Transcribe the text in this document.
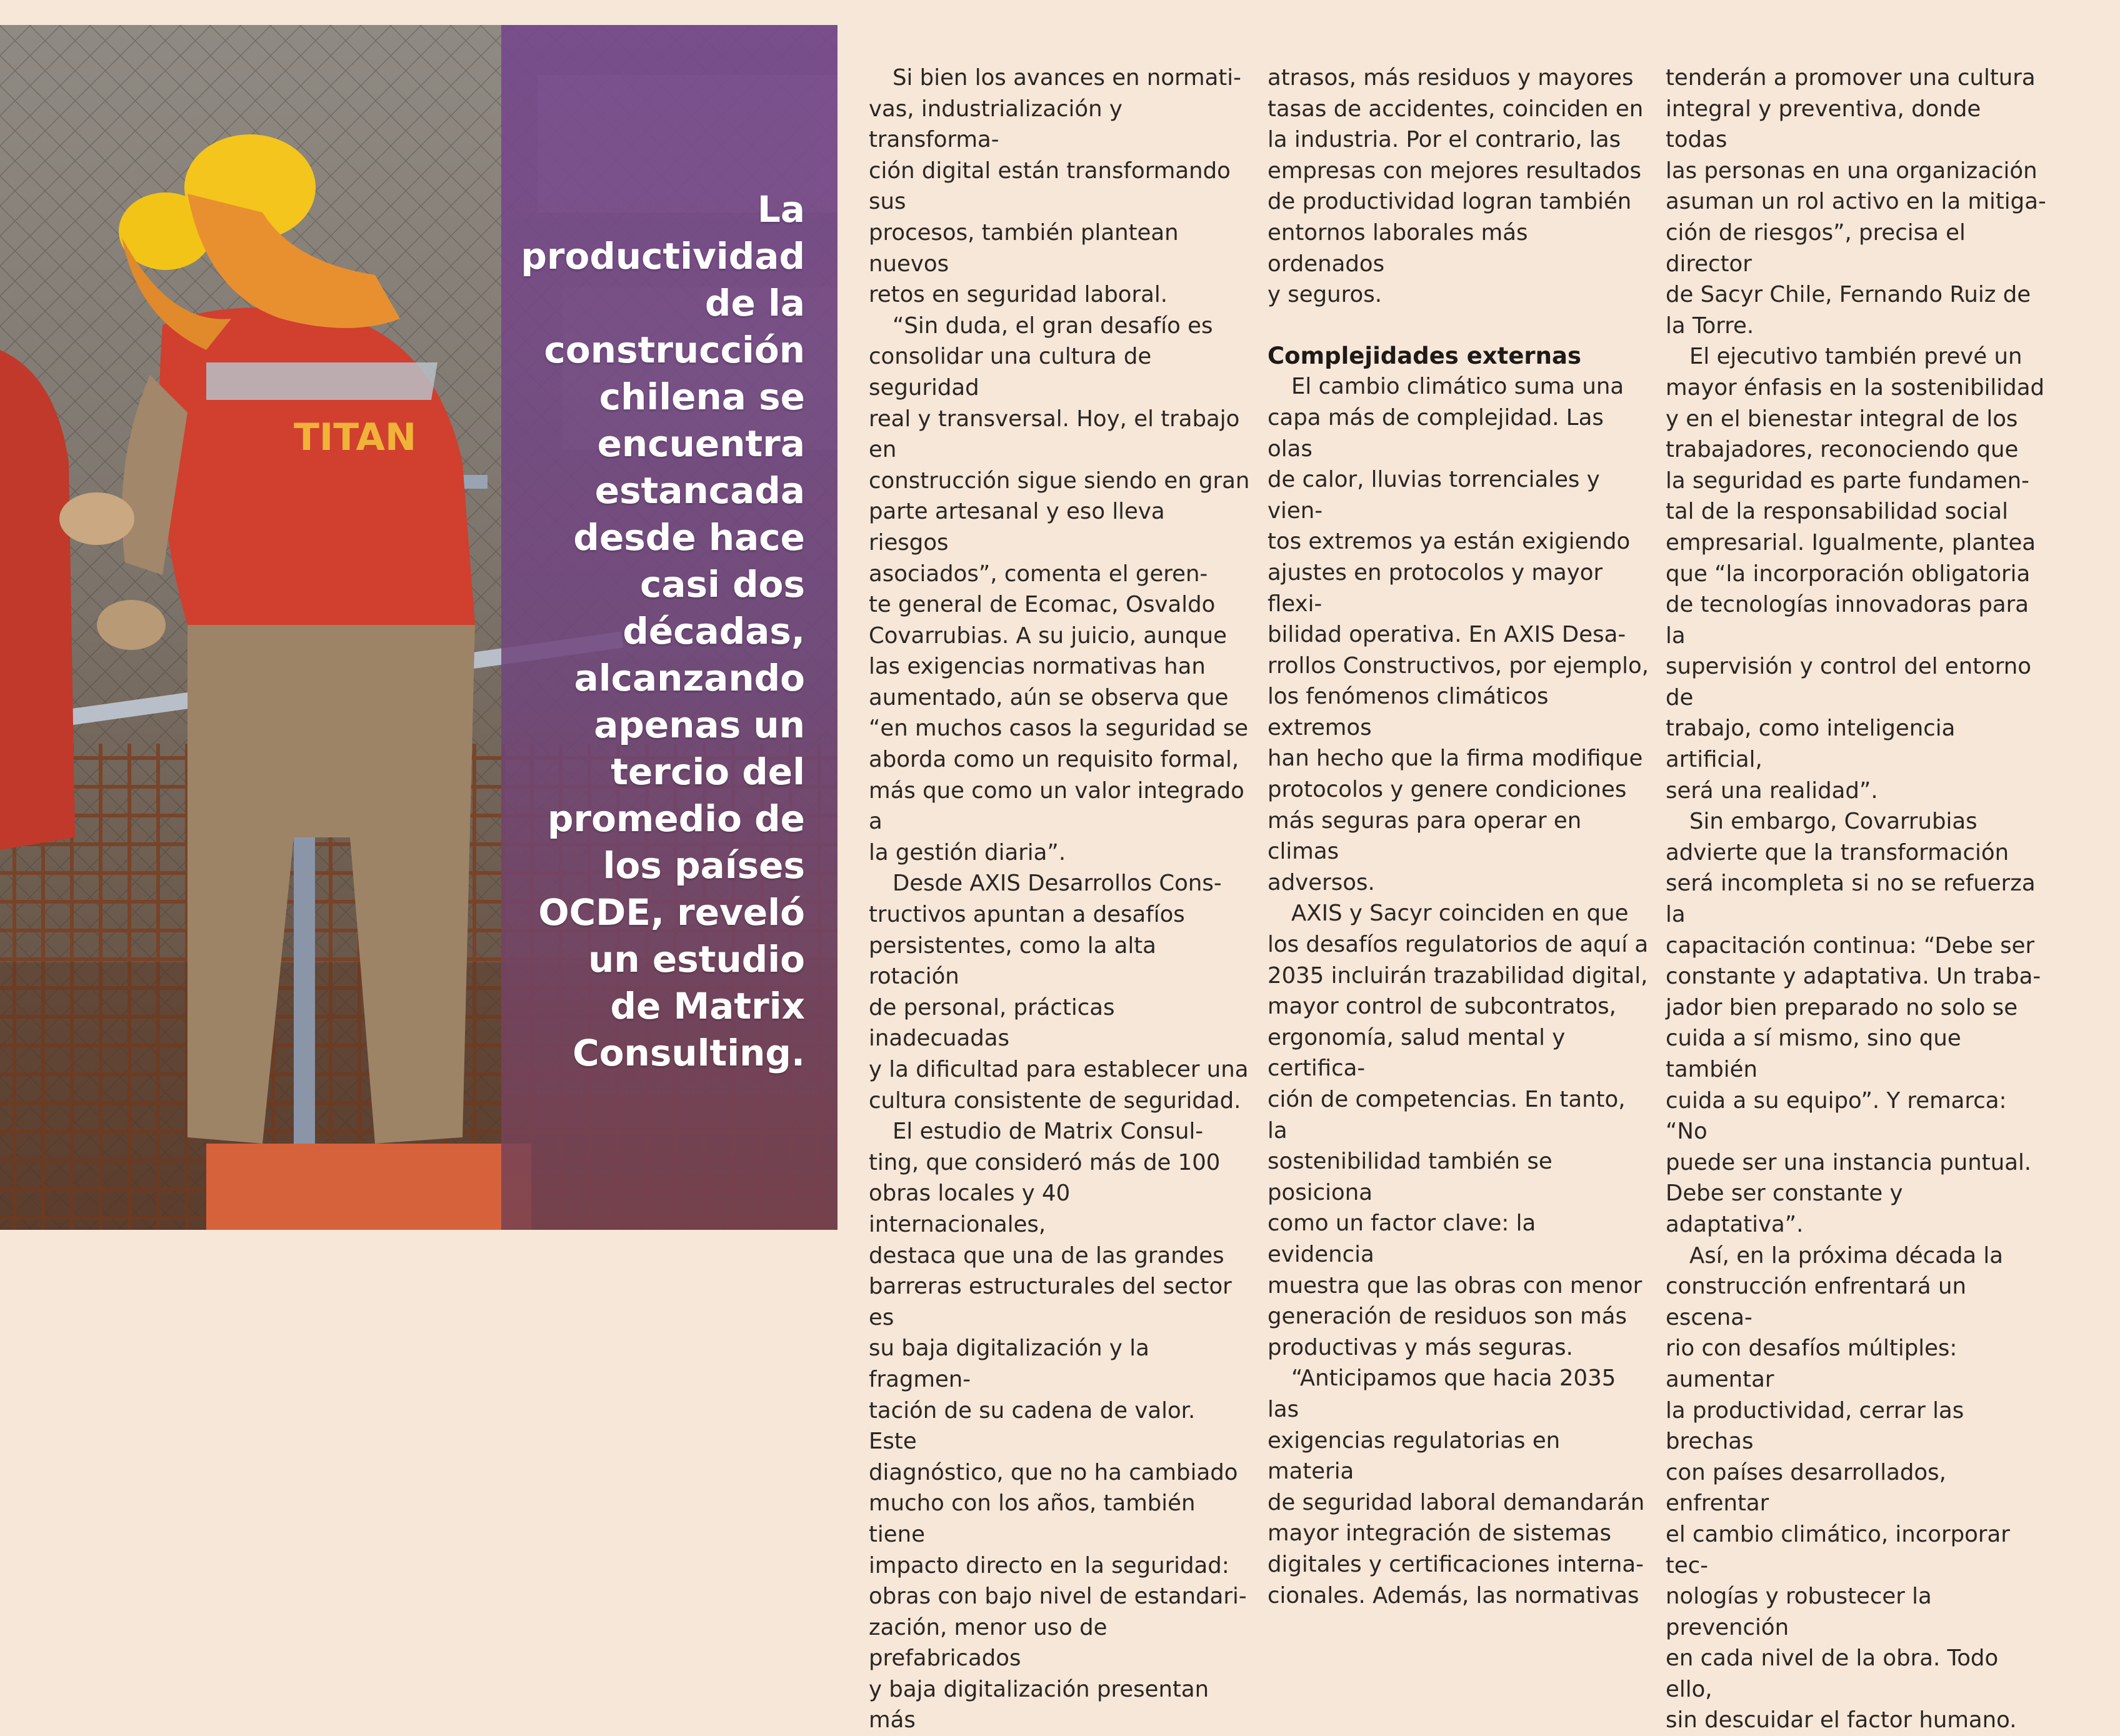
TITAN
La
productividad
de la
construcción
chilena se
encuentra
estancada
desde hace
casi dos
décadas,
alcanzando
apenas un
tercio del
promedio de
los países
OCDE, reveló
un estudio
de Matrix
Consulting.

Si bien los avances en normati-
vas, industrialización y transforma-
ción digital están transformando sus
procesos, también plantean nuevos
retos en seguridad laboral.

“Sin duda, el gran desafío es
consolidar una cultura de seguridad
real y transversal. Hoy, el trabajo en
construcción sigue siendo en gran
parte artesanal y eso lleva riesgos
asociados”, comenta el geren-
te general de Ecomac, Osvaldo
Covarrubias. A su juicio, aunque
las exigencias normativas han
aumentado, aún se observa que
“en muchos casos la seguridad se
aborda como un requisito formal,
más que como un valor integrado a
la gestión diaria”.

Desde AXIS Desarrollos Cons-
tructivos apuntan a desafíos
persistentes, como la alta rotación
de personal, prácticas inadecuadas
y la dificultad para establecer una
cultura consistente de seguridad.

El estudio de Matrix Consul-
ting, que consideró más de 100
obras locales y 40 internacionales,
destaca que una de las grandes
barreras estructurales del sector es
su baja digitalización y la fragmen-
tación de su cadena de valor. Este
diagnóstico, que no ha cambiado
mucho con los años, también tiene
impacto directo en la seguridad:
obras con bajo nivel de estandari-
zación, menor uso de prefabricados
y baja digitalización presentan más

atrasos, más residuos y mayores
tasas de accidentes, coinciden en
la industria. Por el contrario, las
empresas con mejores resultados
de productividad logran también
entornos laborales más ordenados
y seguros.

Complejidades externas

El cambio climático suma una
capa más de complejidad. Las olas
de calor, lluvias torrenciales y vien-
tos extremos ya están exigiendo
ajustes en protocolos y mayor flexi-
bilidad operativa. En AXIS Desa-
rrollos Constructivos, por ejemplo,
los fenómenos climáticos extremos
han hecho que la firma modifique
protocolos y genere condiciones
más seguras para operar en climas
adversos.

AXIS y Sacyr coinciden en que
los desafíos regulatorios de aquí a
2035 incluirán trazabilidad digital,
mayor control de subcontratos,
ergonomía, salud mental y certifica-
ción de competencias. En tanto, la
sostenibilidad también se posiciona
como un factor clave: la evidencia
muestra que las obras con menor
generación de residuos son más
productivas y más seguras.

“Anticipamos que hacia 2035 las
exigencias regulatorias en materia
de seguridad laboral demandarán
mayor integración de sistemas
digitales y certificaciones interna-
cionales. Además, las normativas

tenderán a promover una cultura
integral y preventiva, donde todas
las personas en una organización
asuman un rol activo en la mitiga-
ción de riesgos”, precisa el director
de Sacyr Chile, Fernando Ruiz de
la Torre.

El ejecutivo también prevé un
mayor énfasis en la sostenibilidad
y en el bienestar integral de los
trabajadores, reconociendo que
la seguridad es parte fundamen-
tal de la responsabilidad social
empresarial. Igualmente, plantea
que “la incorporación obligatoria
de tecnologías innovadoras para la
supervisión y control del entorno de
trabajo, como inteligencia artificial,
será una realidad”.

Sin embargo, Covarrubias
advierte que la transformación
será incompleta si no se refuerza la
capacitación continua: “Debe ser
constante y adaptativa. Un traba-
jador bien preparado no solo se
cuida a sí mismo, sino que también
cuida a su equipo”. Y remarca: “No
puede ser una instancia puntual.
Debe ser constante y adaptativa”.

Así, en la próxima década la
construcción enfrentará un escena-
rio con desafíos múltiples: aumentar
la productividad, cerrar las brechas
con países desarrollados, enfrentar
el cambio climático, incorporar tec-
nologías y robustecer la prevención
en cada nivel de la obra. Todo ello,
sin descuidar el factor humano.
